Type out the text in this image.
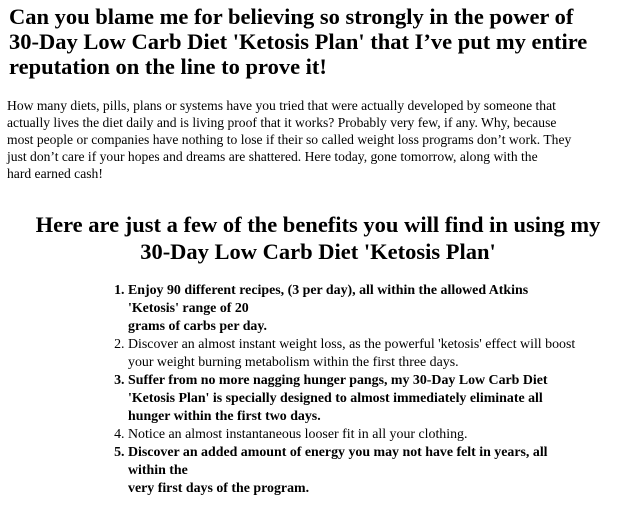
Can you blame me for believing so strongly in the power of
30-Day Low Carb Diet 'Ketosis Plan' that I’ve put my entire
reputation on the line to prove it!

How many diets, pills, plans or systems have you tried that were actually developed by someone that
actually lives the diet daily and is living proof that it works? Probably very few, if any. Why, because
most people or companies have nothing to lose if their so called weight loss programs don’t work. They
just don’t care if your hopes and dreams are shattered. Here today, gone tomorrow, along with the
hard earned cash!

Here are just a few of the benefits you will find in using my
30-Day Low Carb Diet 'Ketosis Plan'
1. Enjoy 90 different recipes, (3 per day), all within the allowed Atkins
'Ketosis' range of 20
grams of carbs per day.
2. Discover an almost instant weight loss, as the powerful 'ketosis' effect will boost
your weight burning metabolism within the first three days.
3. Suffer from no more nagging hunger pangs, my 30-Day Low Carb Diet
'Ketosis Plan' is specially designed to almost immediately eliminate all
hunger within the first two days.
4. Notice an almost instantaneous looser fit in all your clothing.
5. Discover an added amount of energy you may not have felt in years, all
within the
very first days of the program.
